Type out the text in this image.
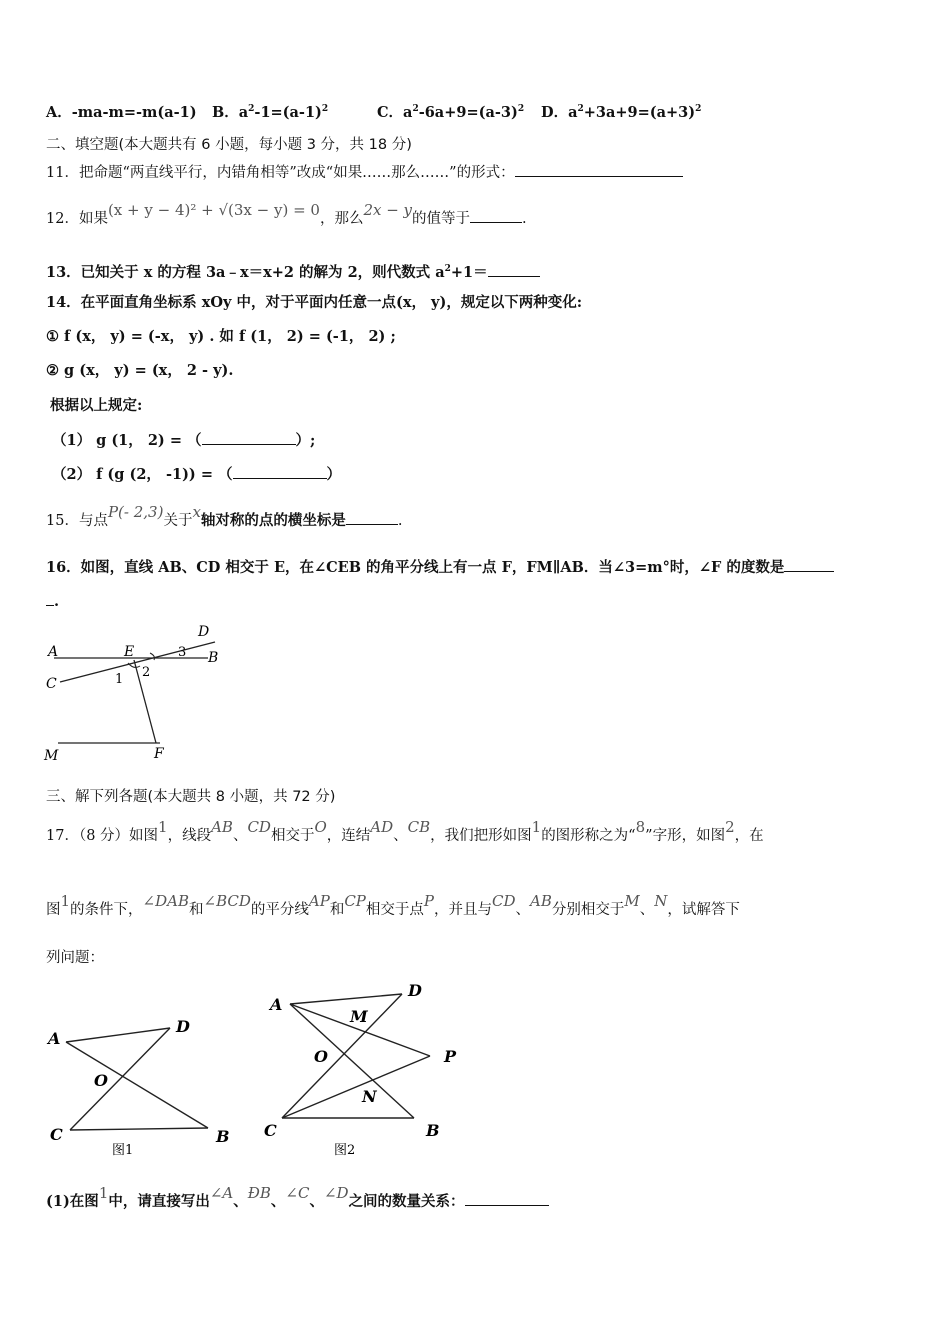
A．-ma-m=-m(a-1) B．$a^2-1=(a-1)^2$	C．$a^2-6a+9=(a-3)^2$ D．$a^2+3a+9=(a+3)^2$
二、填空题(本大题共有 6 小题，每小题 3 分，共 18 分)
11．把命题“两直线平行，内错角相等”改成“如果……那么……”的形式：
12．如果(x + y − 4)² + √(3x − y) = 0，那么2x − y的值等于	.
13．已知关于 x 的方程 3a﹣x＝x+2 的解为 2，则代数式 $a^2+1=$
14．在平面直角坐标系 xOy 中，对于平面内任意一点(x， y)，规定以下两种变化:
① f (x， y) = (-x， y) . 如 f (1， 2) = (-1， 2) ;
② g (x， y) = (x， 2 - y).
根据以上规定:
（1） g (1， 2) = （	）;
（2） f (g (2， -1)) = （	）
15．与点P(- 2,3)关于x轴对称的点的横坐标是	.
16．如图，直线 AB、CD 相交于 E，在∠CEB 的角平分线上有一点 F，FM∥AB．当∠3=m°时，∠F 的度数是
.
A	E
D
B
C
3
1 2
M	F
三、解下列各题(本大题共 8 小题，共 72 分)
17．（8 分）如图1，线段AB、CD相交于O，连结AD、CB，我们把形如图1的图形称之为“8”字形，如图2，在
图1的条件下，∠DAB和∠BCD的平分线AP和CP相交于点P，并且与CD、AB分别相交于M、N，试解答下
列问题：
A
D
O
C	B
图1
A
D
M
O	P
N
C	B
图2
(1)在图1中，请直接写出∠A、ÐB、∠C、∠D之间的数量关系：
